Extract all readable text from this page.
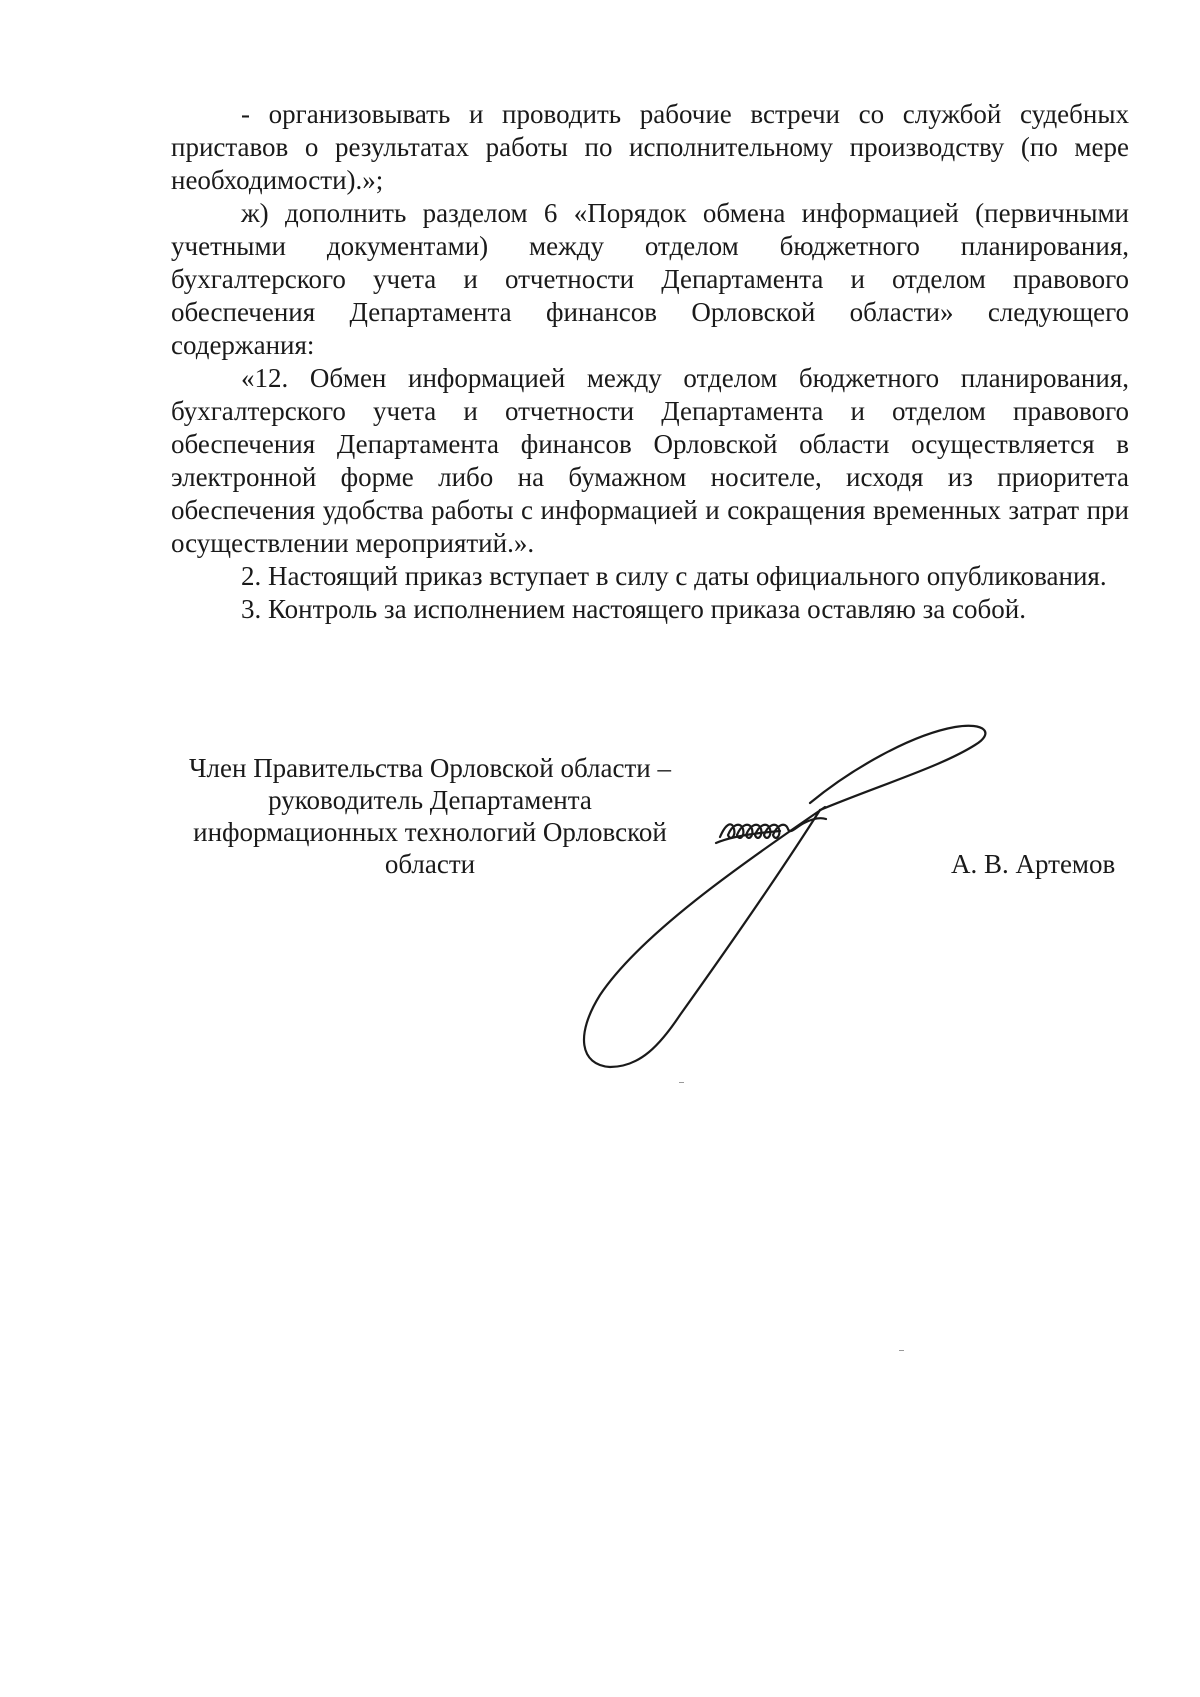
- организовывать и проводить рабочие встречи со службой судебных приставов о результатах работы по исполнительному производству (по мере необходимости).»;

ж) дополнить разделом 6 «Порядок обмена информацией (первичными учетными документами) между отделом бюджетного планирования, бухгалтерского учета и отчетности Департамента и отделом правового обеспечения Департамента финансов Орловской области» следующего содержания:

«12. Обмен информацией между отделом бюджетного планирования, бухгалтерского учета и отчетности Департамента и отделом правового обеспечения Департамента финансов Орловской области осуществляется в электронной форме либо на бумажном носителе, исходя из приоритета обеспечения удобства работы с информацией и сокращения временных затрат при осуществлении мероприятий.».

2. Настоящий приказ вступает в силу с даты официального опубликования.

3. Контроль за исполнением настоящего приказа оставляю за собой.

Член Правительства Орловской области –
руководитель Департамента
информационных технологий Орловской
области	А. В. Артемов
